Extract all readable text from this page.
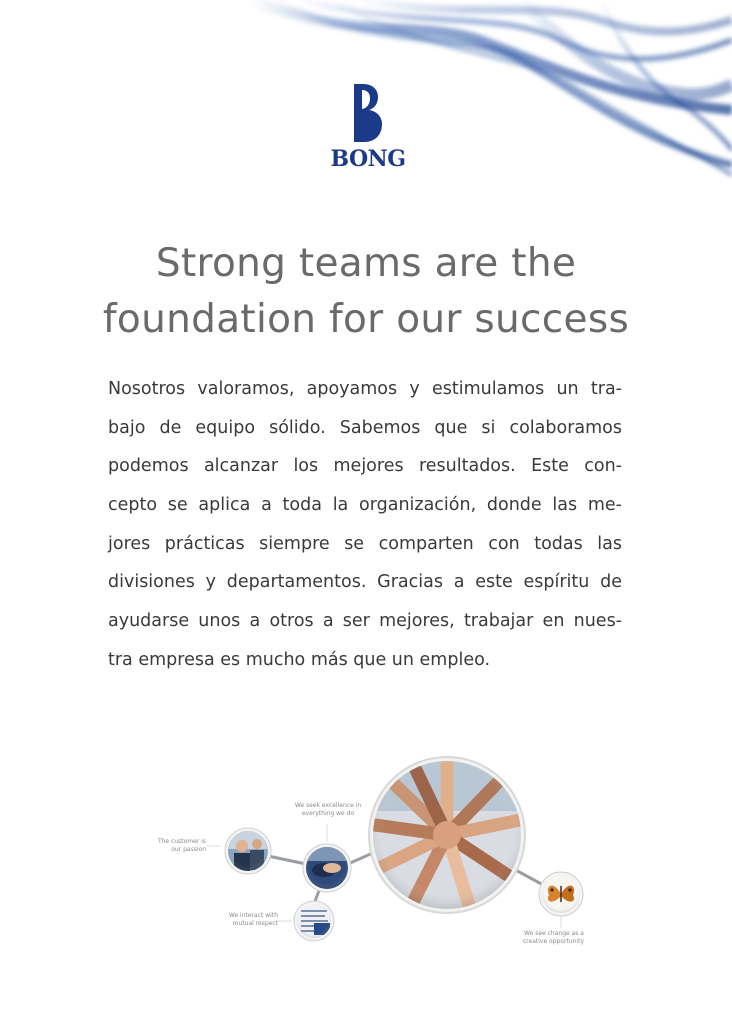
BONG
Strong teams are the
foundation for our success

Nosotros valoramos, apoyamos y estimulamos un tra-
bajo de equipo sólido. Sabemos que si colaboramos
podemos alcanzar los mejores resultados. Este con-
cepto se aplica a toda la organización, donde las me-
jores prácticas siempre se comparten con todas las
divisiones y departamentos. Gracias a este espíritu de
ayudarse unos a otros a ser mejores, trabajar en nues-
tra empresa es mucho más que un empleo.

We seek excellence in
everything we do
The customer is
our passion
We interact with
mutual respect
We see change as a
creative opportunity
